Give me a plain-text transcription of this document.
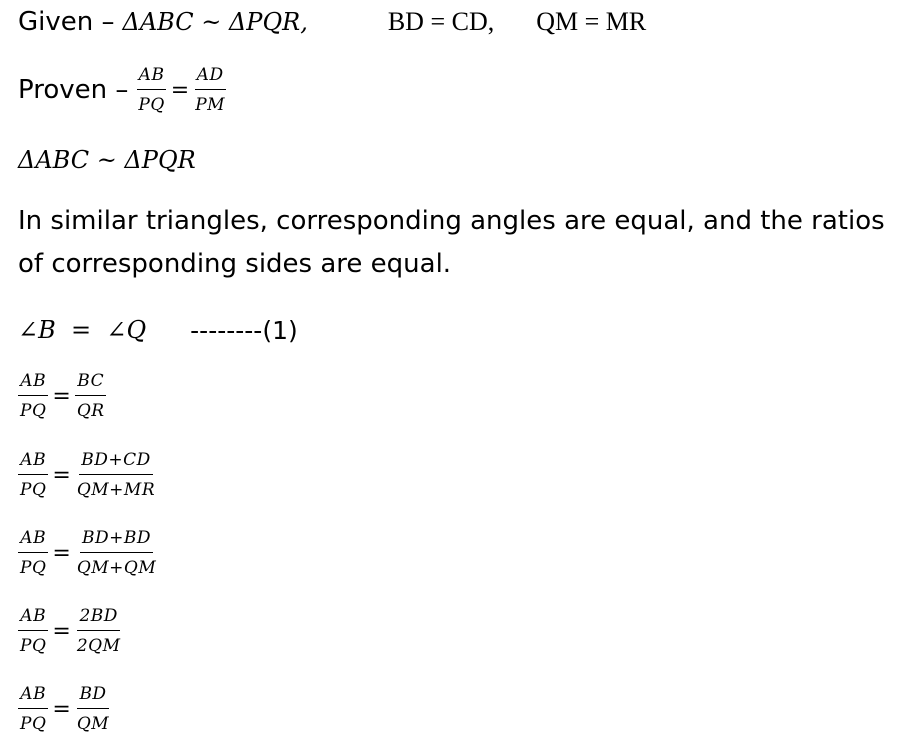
Given – ΔABC ~ ΔPQR,	BD = CD, QM = MR
Proven – $\frac{AB}{PQ} = \frac{AD}{PM}$
ΔABC ~ ΔPQR
In similar triangles, corresponding angles are equal, and the ratios of corresponding sides are equal.
∠B  =  ∠Q --------(1)
$\frac{AB}{PQ} = \frac{BC}{QR}$
$\frac{AB}{PQ} = \frac{BD+CD}{QM+MR}$
$\frac{AB}{PQ} = \frac{BD+BD}{QM+QM}$
$\frac{AB}{PQ} = \frac{2BD}{2QM}$
$\frac{AB}{PQ} = \frac{BD}{QM}$
